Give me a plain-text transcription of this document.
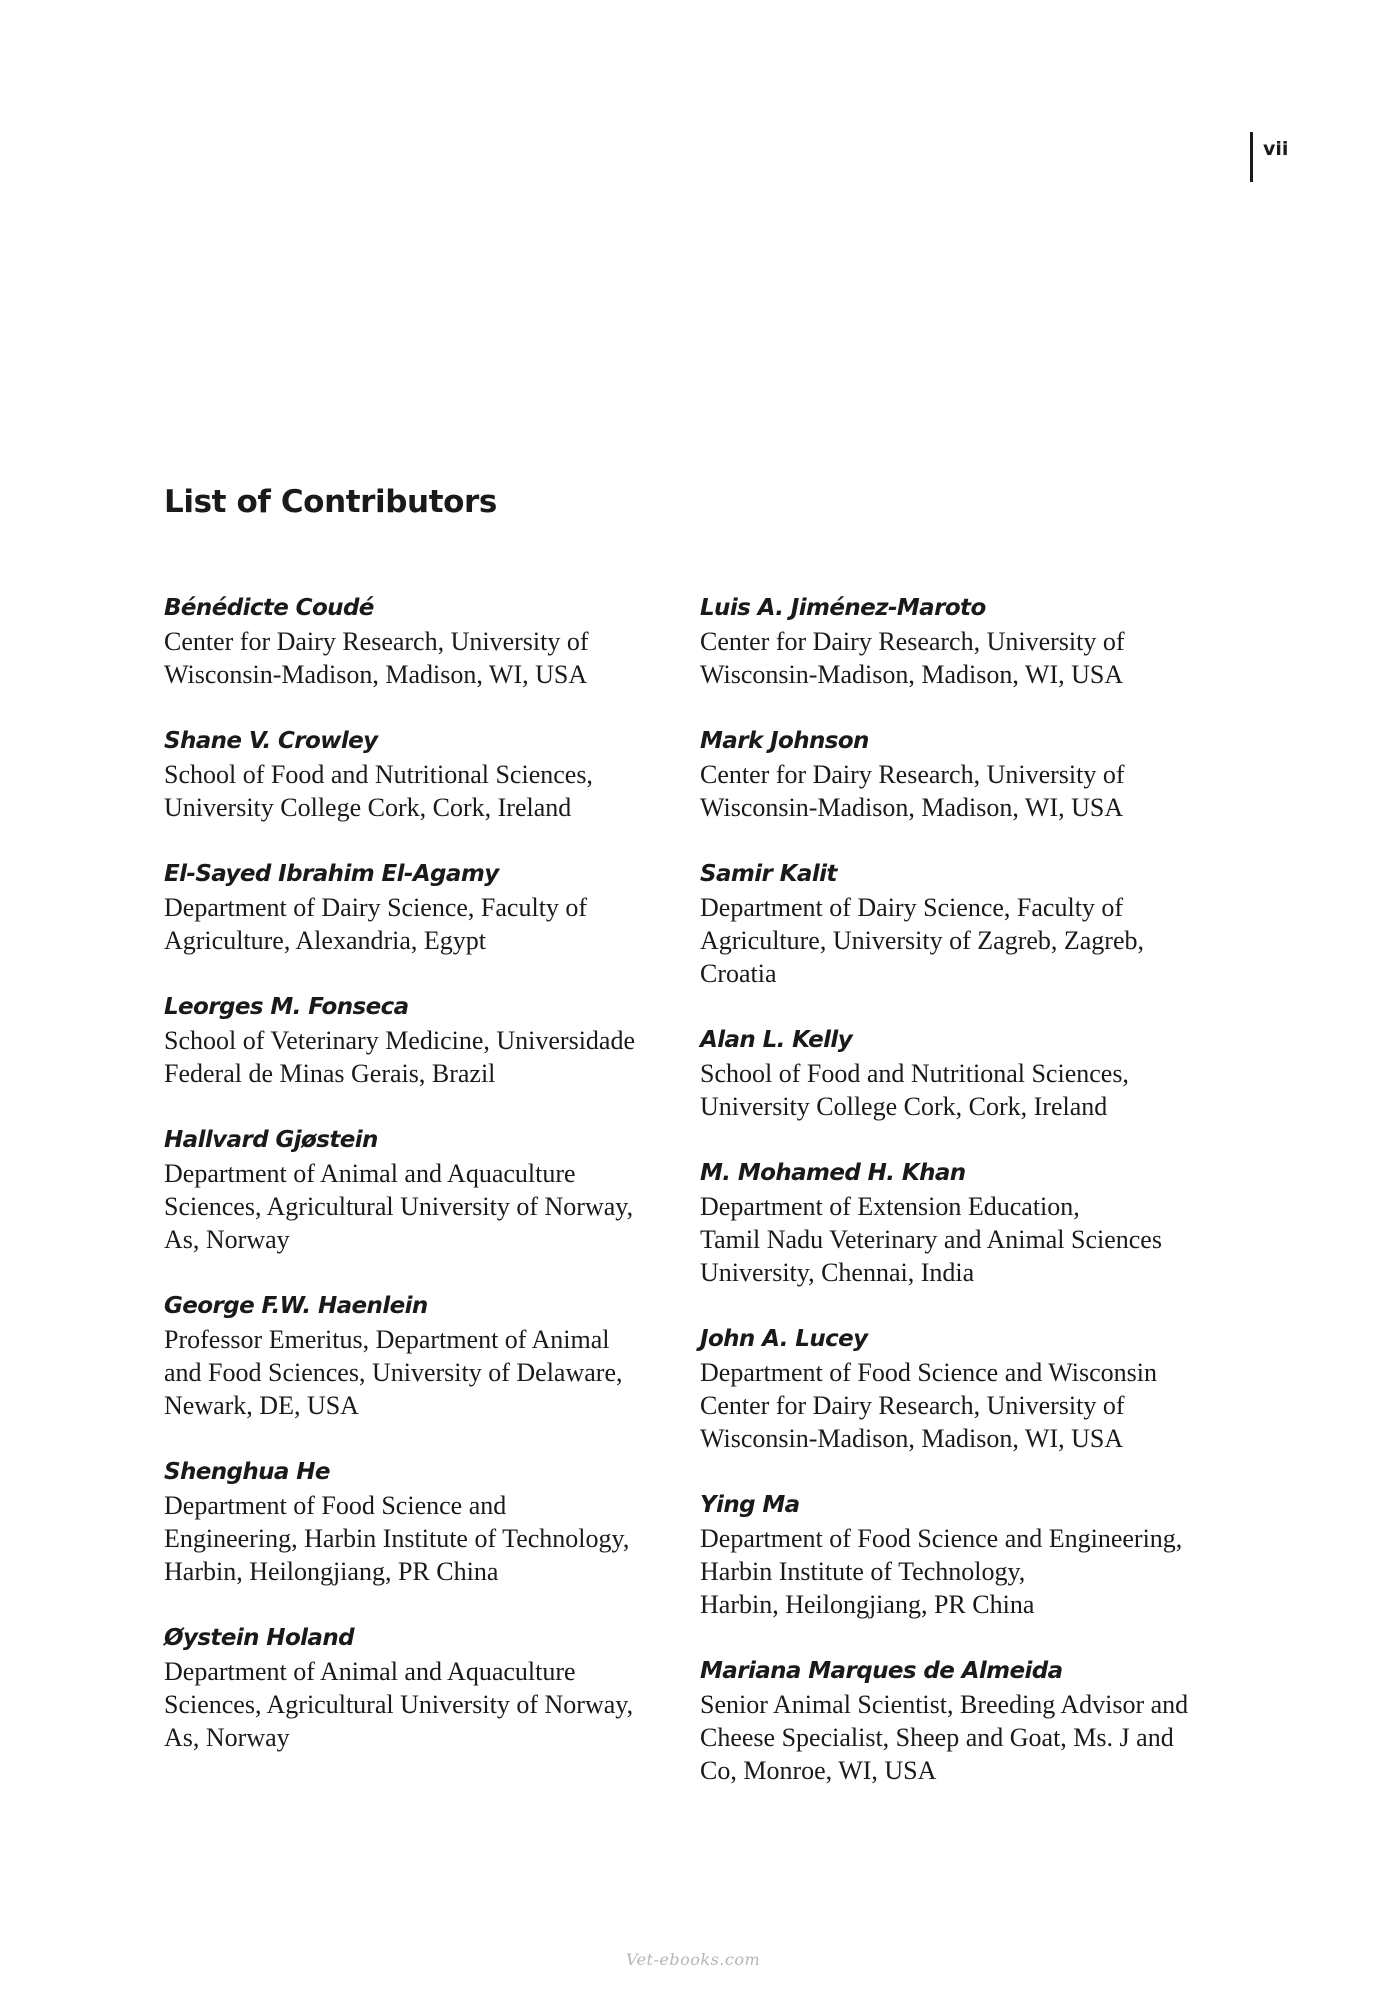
vii
List of Contributors
Bénédicte Coudé
Center for Dairy Research, University of
Wisconsin-Madison, Madison, WI, USA
Shane V. Crowley
School of Food and Nutritional Sciences,
University College Cork, Cork, Ireland
El-Sayed Ibrahim El-Agamy
Department of Dairy Science, Faculty of
Agriculture, Alexandria, Egypt
Leorges M. Fonseca
School of Veterinary Medicine, Universidade
Federal de Minas Gerais, Brazil
Hallvard Gjøstein
Department of Animal and Aquaculture
Sciences, Agricultural University of Norway,
As, Norway
George F.W. Haenlein
Professor Emeritus, Department of Animal
and Food Sciences, University of Delaware,
Newark, DE, USA
Shenghua He
Department of Food Science and
Engineering, Harbin Institute of Technology,
Harbin, Heilongjiang, PR China
Øystein Holand
Department of Animal and Aquaculture
Sciences, Agricultural University of Norway,
As, Norway
Luis A. Jiménez-Maroto
Center for Dairy Research, University of
Wisconsin-Madison, Madison, WI, USA
Mark Johnson
Center for Dairy Research, University of
Wisconsin-Madison, Madison, WI, USA
Samir Kalit
Department of Dairy Science, Faculty of
Agriculture, University of Zagreb, Zagreb,
Croatia
Alan L. Kelly
School of Food and Nutritional Sciences,
University College Cork, Cork, Ireland
M. Mohamed H. Khan
Department of Extension Education,
Tamil Nadu Veterinary and Animal Sciences
University, Chennai, India
John A. Lucey
Department of Food Science and Wisconsin
Center for Dairy Research, University of
Wisconsin-Madison, Madison, WI, USA
Ying Ma
Department of Food Science and Engineering,
Harbin Institute of Technology,
Harbin, Heilongjiang, PR China
Mariana Marques de Almeida
Senior Animal Scientist, Breeding Advisor and
Cheese Specialist, Sheep and Goat, Ms. J and
Co, Monroe, WI, USA
Vet-ebooks.com
